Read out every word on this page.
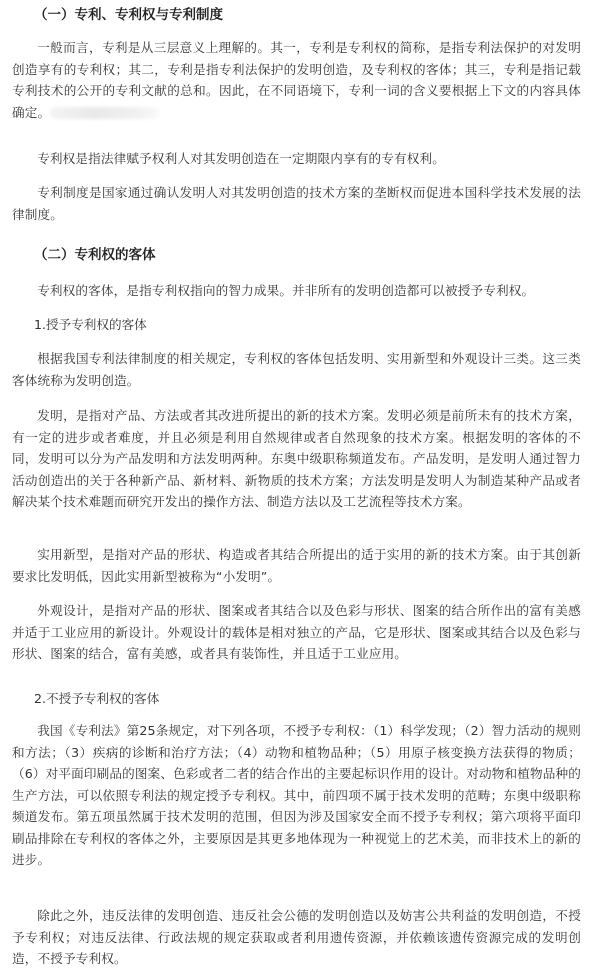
（一）专利、专利权与专利制度

一般而言，专利是从三层意义上理解的。其一，专利是专利权的简称，是指专利法保护的对发明创造享有的专利权；其二，专利是指专利法保护的发明创造，及专利权的客体；其三，专利是指记载专利技术的公开的专利文献的总和。因此，在不同语境下，专利一词的含义要根据上下文的内容具体确定。

专利权是指法律赋予权利人对其发明创造在一定期限内享有的专有权利。

专利制度是国家通过确认发明人对其发明创造的技术方案的垄断权而促进本国科学技术发展的法律制度。

（二）专利权的客体

专利权的客体，是指专利权指向的智力成果。并非所有的发明创造都可以被授予专利权。

1.授予专利权的客体

根据我国专利法律制度的相关规定，专利权的客体包括发明、实用新型和外观设计三类。这三类客体统称为发明创造。

发明，是指对产品、方法或者其改进所提出的新的技术方案。发明必须是前所未有的技术方案，有一定的进步或者难度，并且必须是利用自然规律或者自然现象的技术方案。根据发明的客体的不同，发明可以分为产品发明和方法发明两种。东奥中级职称频道发布。产品发明，是发明人通过智力活动创造出的关于各种新产品、新材料、新物质的技术方案；方法发明是发明人为制造某种产品或者解决某个技术难题而研究开发出的操作方法、制造方法以及工艺流程等技术方案。

实用新型，是指对产品的形状、构造或者其结合所提出的适于实用的新的技术方案。由于其创新要求比发明低，因此实用新型被称为“小发明”。

外观设计，是指对产品的形状、图案或者其结合以及色彩与形状、图案的结合所作出的富有美感并适于工业应用的新设计。外观设计的载体是相对独立的产品，它是形状、图案或其结合以及色彩与形状、图案的结合，富有美感，或者具有装饰性，并且适于工业应用。

2.不授予专利权的客体

我国《专利法》第25条规定，对下列各项，不授予专利权：（1）科学发现；（2）智力活动的规则和方法；（3）疾病的诊断和治疗方法；（4）动物和植物品种；（5）用原子核变换方法获得的物质；（6）对平面印刷品的图案、色彩或者二者的结合作出的主要起标识作用的设计。对动物和植物品种的生产方法，可以依照专利法的规定授予专利权。其中，前四项不属于技术发明的范畴；东奥中级职称频道发布。第五项虽然属于技术发明的范围，但因为涉及国家安全而不授予专利权；第六项将平面印刷品排除在专利权的客体之外，主要原因是其更多地体现为一种视觉上的艺术美，而非技术上的新的进步。

除此之外，违反法律的发明创造、违反社会公德的发明创造以及妨害公共利益的发明创造，不授予专利权；对违反法律、行政法规的规定获取或者利用遗传资源，并依赖该遗传资源完成的发明创造，不授予专利权。
